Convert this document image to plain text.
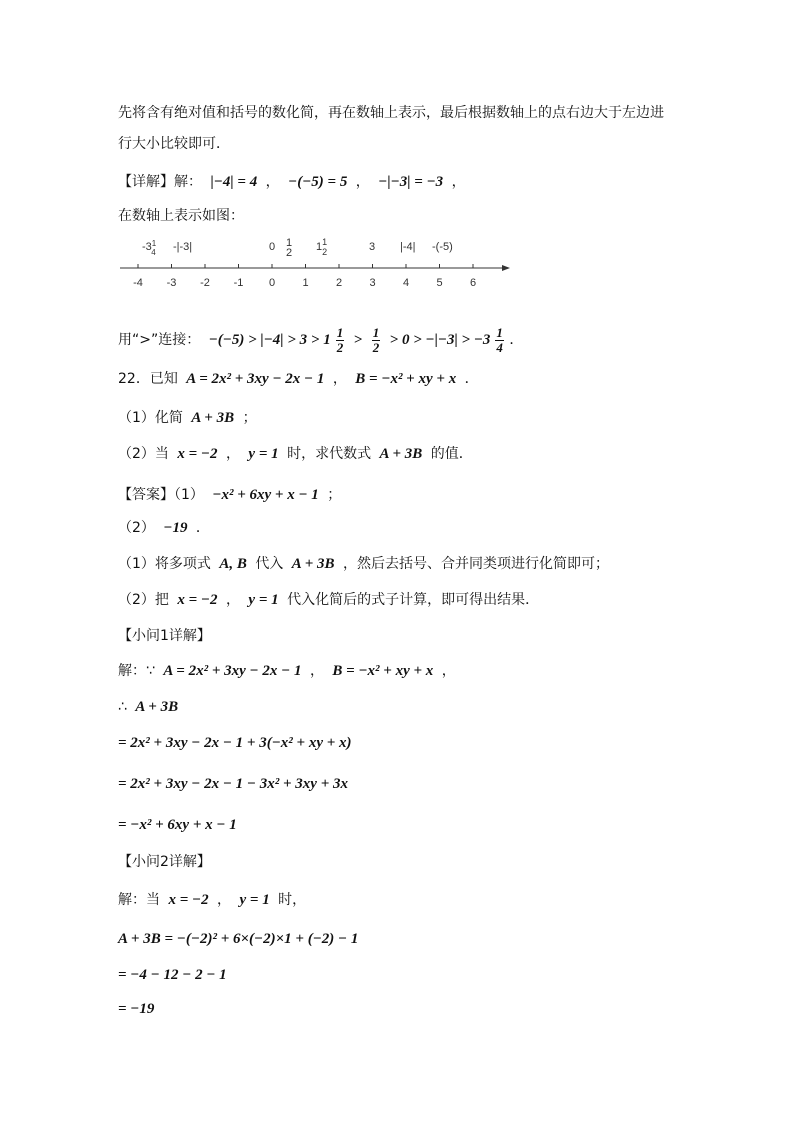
先将含有绝对值和括号的数化简，再在数轴上表示，最后根据数轴上的点右边大于左边进
行大小比较即可．
【详解】解： |−4| = 4 ， −(−5) = 5 ， −|−3| = −3 ，
在数轴上表示如图：
-4 -3 -2 -1 0 1 2 3 4 5 6
$-3^1$ 4 -|-3|	0 1 2 $1^1$ 2	3 |-4| -(-5)
用“>”连接： $-(-5) > |-4| > 3 > 1 \frac{1}{2} > \frac{1}{2} > 0 > -|-3| > -3 \frac{1}{4}$ ．
22．已知 A = 2x² + 3xy − 2x − 1 ， B = −x² + xy + x ．
（1）化简 A + 3B ；
（2）当 x = −2 ， y = 1 时，求代数式 A + 3B 的值．
【答案】（1） −x² + 6xy + x − 1 ；
（2） −19 ．
（1）将多项式 A, B 代入 A + 3B ，然后去括号、合并同类项进行化简即可；
（2）把 x = −2 ， y = 1 代入化简后的式子计算，即可得出结果．
【小问1详解】
解：∵ A = 2x² + 3xy − 2x − 1 ， B = −x² + xy + x ，
∴ A + 3B
= 2x² + 3xy − 2x − 1 + 3(−x² + xy + x)
= 2x² + 3xy − 2x − 1 − 3x² + 3xy + 3x
= −x² + 6xy + x − 1
【小问2详解】
解：当 x = −2 ， y = 1 时，
A + 3B = −(−2)² + 6×(−2)×1 + (−2) − 1
= −4 − 12 − 2 − 1
= −19
